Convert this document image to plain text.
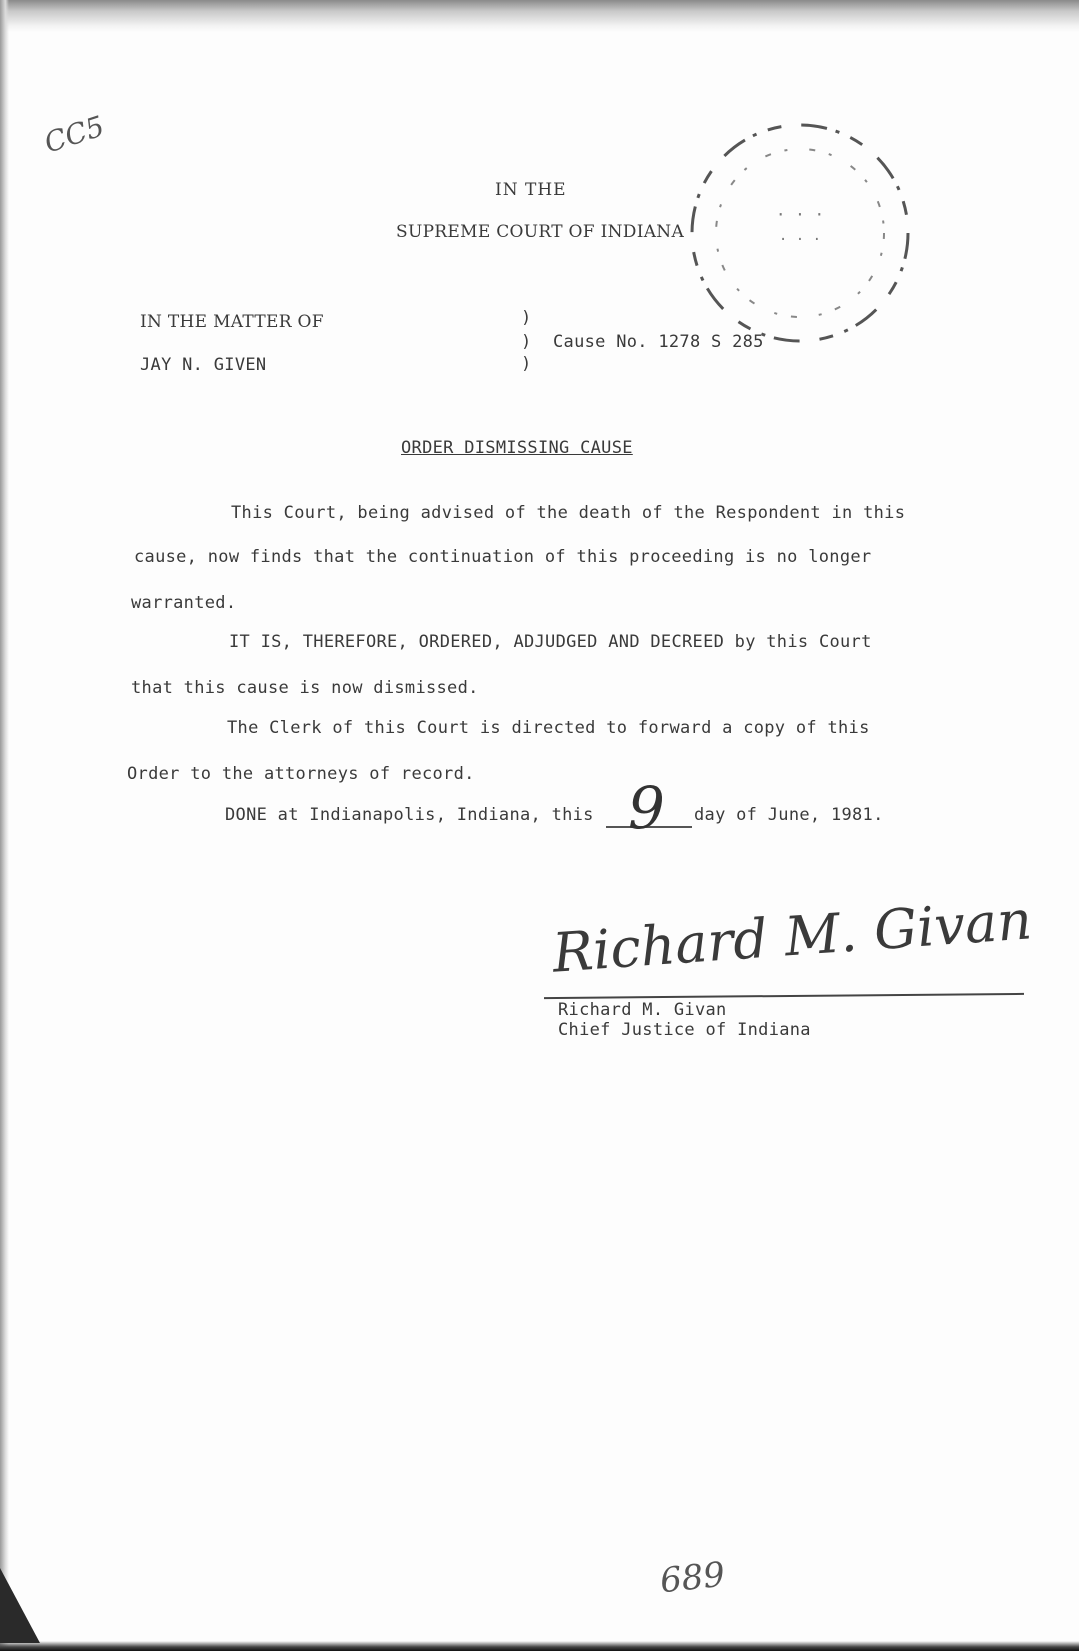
CC5
IN THE
SUPREME COURT OF INDIANA
· · ·
· · ·
IN THE MATTER OF
JAY N. GIVEN
)
)
)
Cause No. 1278 S 285
ORDER DISMISSING CAUSE
This Court, being advised of the death of the Respondent in this
cause, now finds that the continuation of this proceeding is no longer
warranted.
IT IS, THEREFORE, ORDERED, ADJUDGED AND DECREED by this Court
that this cause is now dismissed.
The Clerk of this Court is directed to forward a copy of this
Order to the attorneys of record.
DONE at Indianapolis, Indiana, this 9 day of June, 1981.
Richard M. Givan
Richard M. Givan
Chief Justice of Indiana
689
